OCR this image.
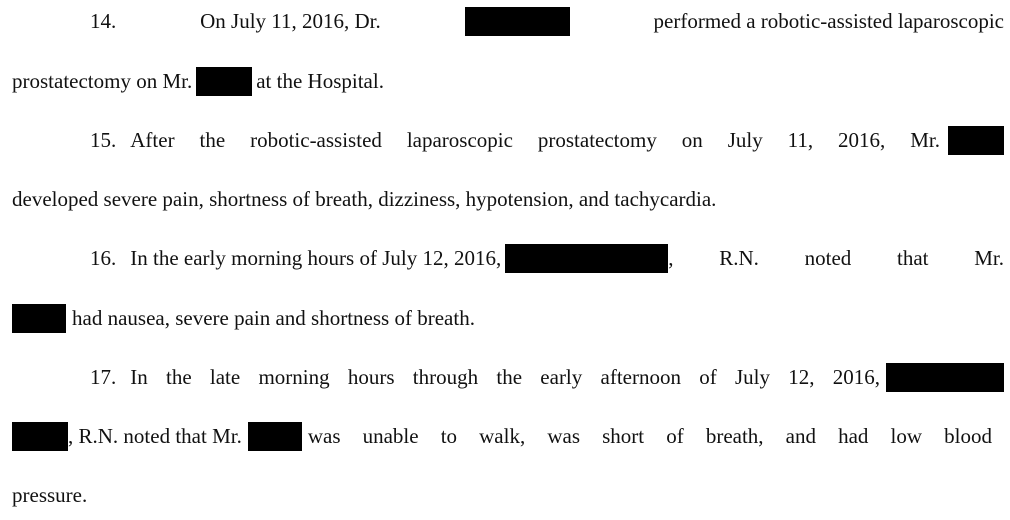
14.	On July 11, 2016, Dr.	performed a robotic-assisted laparoscopic
prostatectomy on Mr.	at the Hospital.
15. After the robotic-assisted laparoscopic prostatectomy on July 11, 2016, Mr.
developed severe pain, shortness of breath, dizziness, hypotension, and tachycardia.
16. In the early morning hours of July 12, 2016,	, R.N. noted that Mr.
had nausea, severe pain and shortness of breath.
17. In the late morning hours through the early afternoon of July 12, 2016,
, R.N. noted that Mr.	was unable to walk, was short of breath, and had low blood
pressure.
